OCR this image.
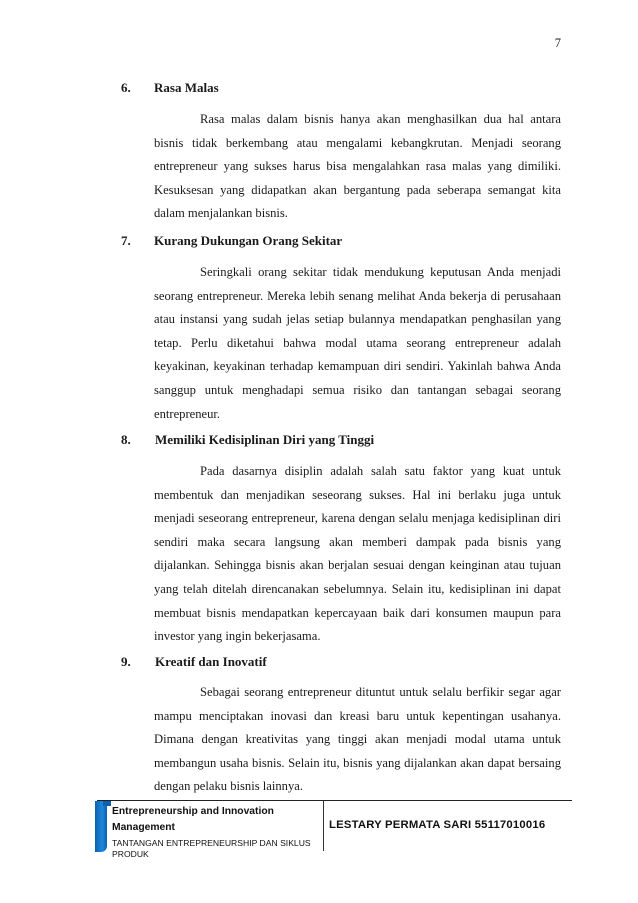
7
6. Rasa Malas

Rasa malas dalam bisnis hanya akan menghasilkan dua hal antara bisnis tidak berkembang atau mengalami kebangkrutan. Menjadi seorang entrepreneur yang sukses harus bisa mengalahkan rasa malas yang dimiliki. Kesuksesan yang didapatkan akan bergantung pada seberapa semangat kita dalam menjalankan bisnis.

7. Kurang Dukungan Orang Sekitar

Seringkali orang sekitar tidak mendukung keputusan Anda menjadi seorang entrepreneur. Mereka lebih senang melihat Anda bekerja di perusahaan atau instansi yang sudah jelas setiap bulannya mendapatkan penghasilan yang tetap. Perlu diketahui bahwa modal utama seorang entrepreneur adalah keyakinan, keyakinan terhadap kemampuan diri sendiri. Yakinlah bahwa Anda sanggup untuk menghadapi semua risiko dan tantangan sebagai seorang entrepreneur.

8. Memiliki Kedisiplinan Diri yang Tinggi

Pada dasarnya disiplin adalah salah satu faktor yang kuat untuk membentuk dan menjadikan seseorang sukses. Hal ini berlaku juga untuk menjadi seseorang entrepreneur, karena dengan selalu menjaga kedisiplinan diri sendiri maka secara langsung akan memberi dampak pada bisnis yang dijalankan. Sehingga bisnis akan berjalan sesuai dengan keinginan atau tujuan yang telah ditelah direncanakan sebelumnya. Selain itu, kedisiplinan ini dapat membuat bisnis mendapatkan kepercayaan baik dari konsumen maupun para investor yang ingin bekerjasama.

9. Kreatif dan Inovatif

Sebagai seorang entrepreneur dituntut untuk selalu berfikir segar agar mampu menciptakan inovasi dan kreasi baru untuk kepentingan usahanya. Dimana dengan kreativitas yang tinggi akan menjadi modal utama untuk membangun usaha bisnis. Selain itu, bisnis yang dijalankan akan dapat bersaing dengan pelaku bisnis lainnya.

Entrepreneurship and Innovation Management
TANTANGAN ENTREPRENEURSHIP DAN SIKLUS PRODUK
LESTARY PERMATA SARI 55117010016
